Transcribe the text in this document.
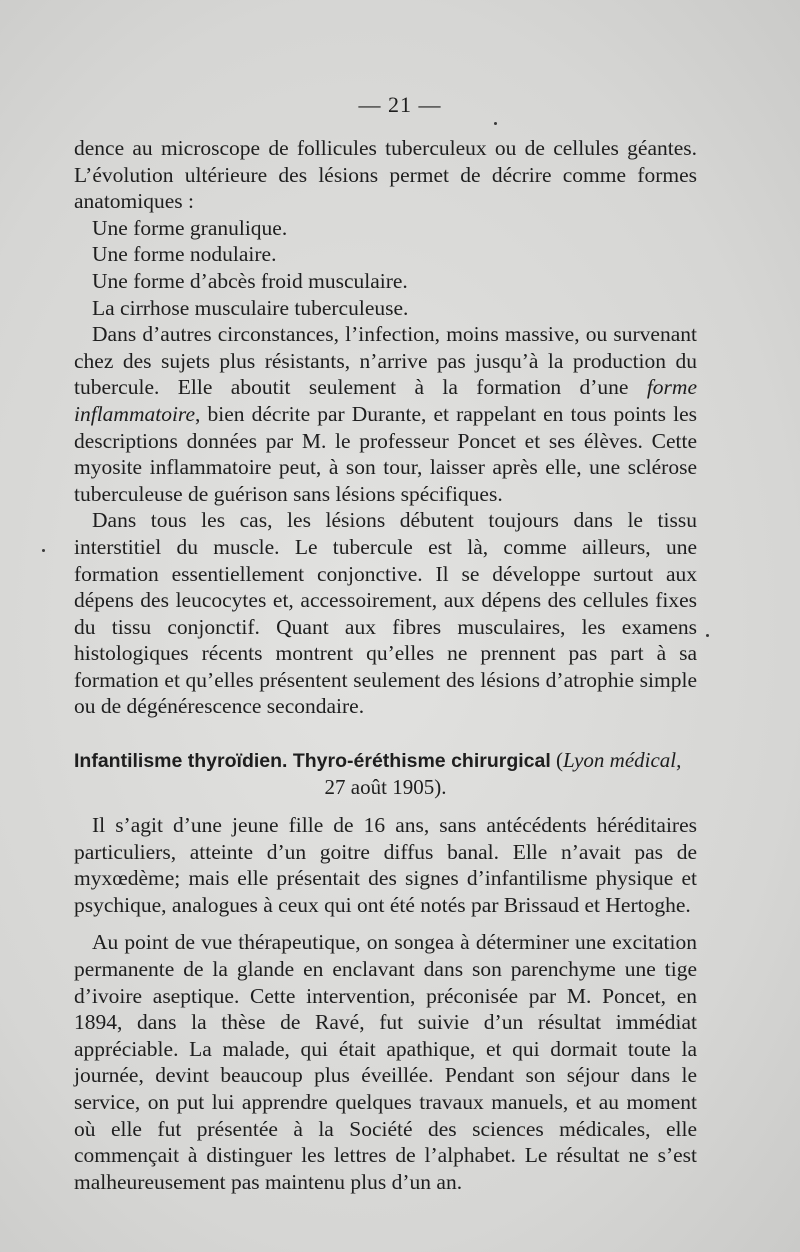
— 21 —

dence au microscope de follicules tuberculeux ou de cellules géantes. L’évolution ultérieure des lésions permet de décrire comme formes anatomiques :

Une forme granulique.

Une forme nodulaire.

Une forme d’abcès froid musculaire.

La cirrhose musculaire tuberculeuse.

Dans d’autres circonstances, l’infection, moins massive, ou survenant chez des sujets plus résistants, n’arrive pas jusqu’à la production du tubercule. Elle aboutit seulement à la formation d’une forme inflammatoire, bien décrite par Durante, et rappelant en tous points les descriptions données par M. le professeur Poncet et ses élèves. Cette myosite inflammatoire peut, à son tour, laisser après elle, une sclérose tuberculeuse de guérison sans lésions spécifiques.

Dans tous les cas, les lésions débutent toujours dans le tissu interstitiel du muscle. Le tubercule est là, comme ailleurs, une formation essentiellement conjonctive. Il se développe surtout aux dépens des leucocytes et, accessoirement, aux dépens des cellules fixes du tissu conjonctif. Quant aux fibres musculaires, les examens histologiques récents montrent qu’elles ne prennent pas part à sa formation et qu’elles présentent seulement des lésions d’atrophie simple ou de dégénérescence secondaire.

Infantilisme thyroïdien. Thyro-éréthisme chirurgical (Lyon médical,
27 août 1905).

Il s’agit d’une jeune fille de 16 ans, sans antécédents héréditaires particuliers, atteinte d’un goitre diffus banal. Elle n’avait pas de myxœdème; mais elle présentait des signes d’infantilisme physique et psychique, analogues à ceux qui ont été notés par Brissaud et Hertoghe.

Au point de vue thérapeutique, on songea à déterminer une excitation permanente de la glande en enclavant dans son parenchyme une tige d’ivoire aseptique. Cette intervention, préconisée par M. Poncet, en 1894, dans la thèse de Ravé, fut suivie d’un résultat immédiat appréciable. La malade, qui était apathique, et qui dormait toute la journée, devint beaucoup plus éveillée. Pendant son séjour dans le service, on put lui apprendre quelques travaux manuels, et au moment où elle fut présentée à la Société des sciences médicales, elle commençait à distinguer les lettres de l’alphabet. Le résultat ne s’est malheureusement pas maintenu plus d’un an.
